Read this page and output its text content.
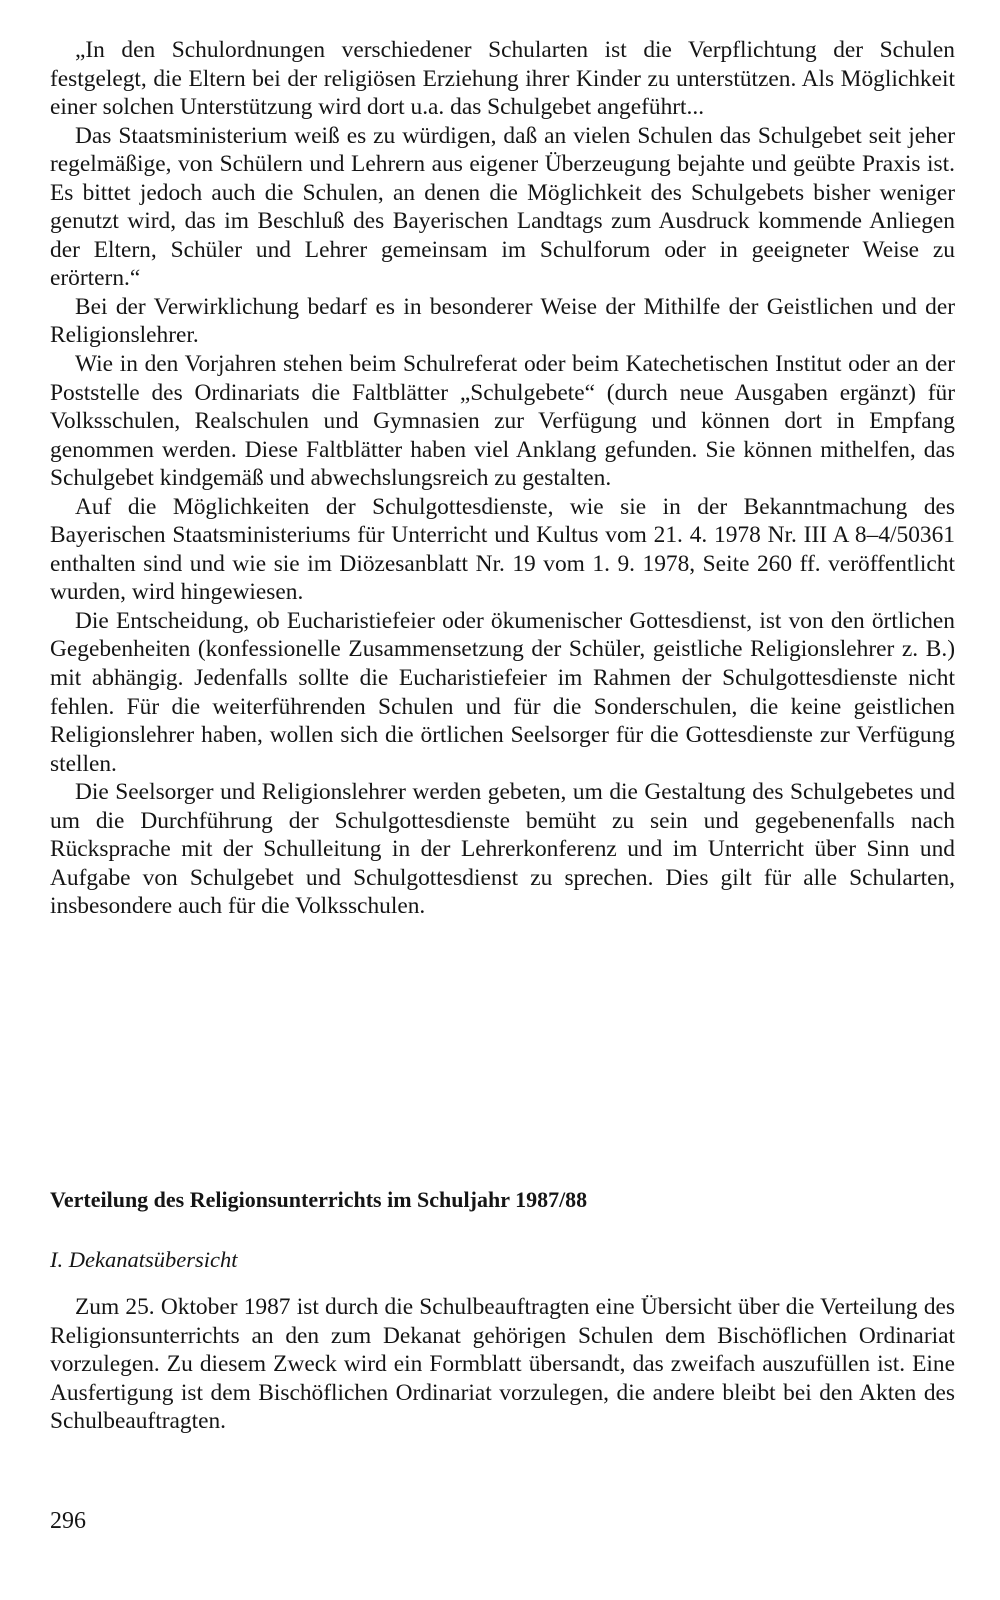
„In den Schulordnungen verschiedener Schularten ist die Verpflichtung der Schulen festgelegt, die Eltern bei der religiösen Erziehung ihrer Kinder zu unterstützen. Als Möglichkeit einer solchen Unterstützung wird dort u.a. das Schulgebet angeführt...

Das Staatsministerium weiß es zu würdigen, daß an vielen Schulen das Schulgebet seit jeher regelmäßige, von Schülern und Lehrern aus eigener Überzeugung bejahte und geübte Praxis ist. Es bittet jedoch auch die Schulen, an denen die Möglichkeit des Schulgebets bisher weniger genutzt wird, das im Beschluß des Bayerischen Landtags zum Ausdruck kommende Anliegen der Eltern, Schüler und Lehrer gemeinsam im Schulforum oder in geeigneter Weise zu erörtern.“

Bei der Verwirklichung bedarf es in besonderer Weise der Mithilfe der Geistlichen und der Religionslehrer.

Wie in den Vorjahren stehen beim Schulreferat oder beim Katechetischen Institut oder an der Poststelle des Ordinariats die Faltblätter „Schulgebete“ (durch neue Ausgaben ergänzt) für Volksschulen, Realschulen und Gymnasien zur Verfügung und können dort in Empfang genommen werden. Diese Faltblätter haben viel Anklang gefunden. Sie können mithelfen, das Schulgebet kindgemäß und abwechslungsreich zu gestalten.

Auf die Möglichkeiten der Schulgottesdienste, wie sie in der Bekanntmachung des Bayerischen Staatsministeriums für Unterricht und Kultus vom 21. 4. 1978 Nr. III A 8–4/50361 enthalten sind und wie sie im Diözesanblatt Nr. 19 vom 1. 9. 1978, Seite 260 ff. veröffentlicht wurden, wird hingewiesen.

Die Entscheidung, ob Eucharistiefeier oder ökumenischer Gottesdienst, ist von den örtlichen Gegebenheiten (konfessionelle Zusammensetzung der Schüler, geistliche Religionslehrer z. B.) mit abhängig. Jedenfalls sollte die Eucharistiefeier im Rahmen der Schulgottesdienste nicht fehlen. Für die weiterführenden Schulen und für die Sonderschulen, die keine geistlichen Religionslehrer haben, wollen sich die örtlichen Seelsorger für die Gottesdienste zur Verfügung stellen.

Die Seelsorger und Religionslehrer werden gebeten, um die Gestaltung des Schulgebetes und um die Durchführung der Schulgottesdienste bemüht zu sein und gegebenenfalls nach Rücksprache mit der Schulleitung in der Lehrerkonferenz und im Unterricht über Sinn und Aufgabe von Schulgebet und Schulgottesdienst zu sprechen. Dies gilt für alle Schularten, insbesondere auch für die Volksschulen.

Verteilung des Religionsunterrichts im Schuljahr 1987/88
I. Dekanatsübersicht

Zum 25. Oktober 1987 ist durch die Schulbeauftragten eine Übersicht über die Verteilung des Religionsunterrichts an den zum Dekanat gehörigen Schulen dem Bischöflichen Ordinariat vorzulegen. Zu diesem Zweck wird ein Formblatt übersandt, das zweifach auszufüllen ist. Eine Ausfertigung ist dem Bischöflichen Ordinariat vorzulegen, die andere bleibt bei den Akten des Schulbeauftragten.

296
